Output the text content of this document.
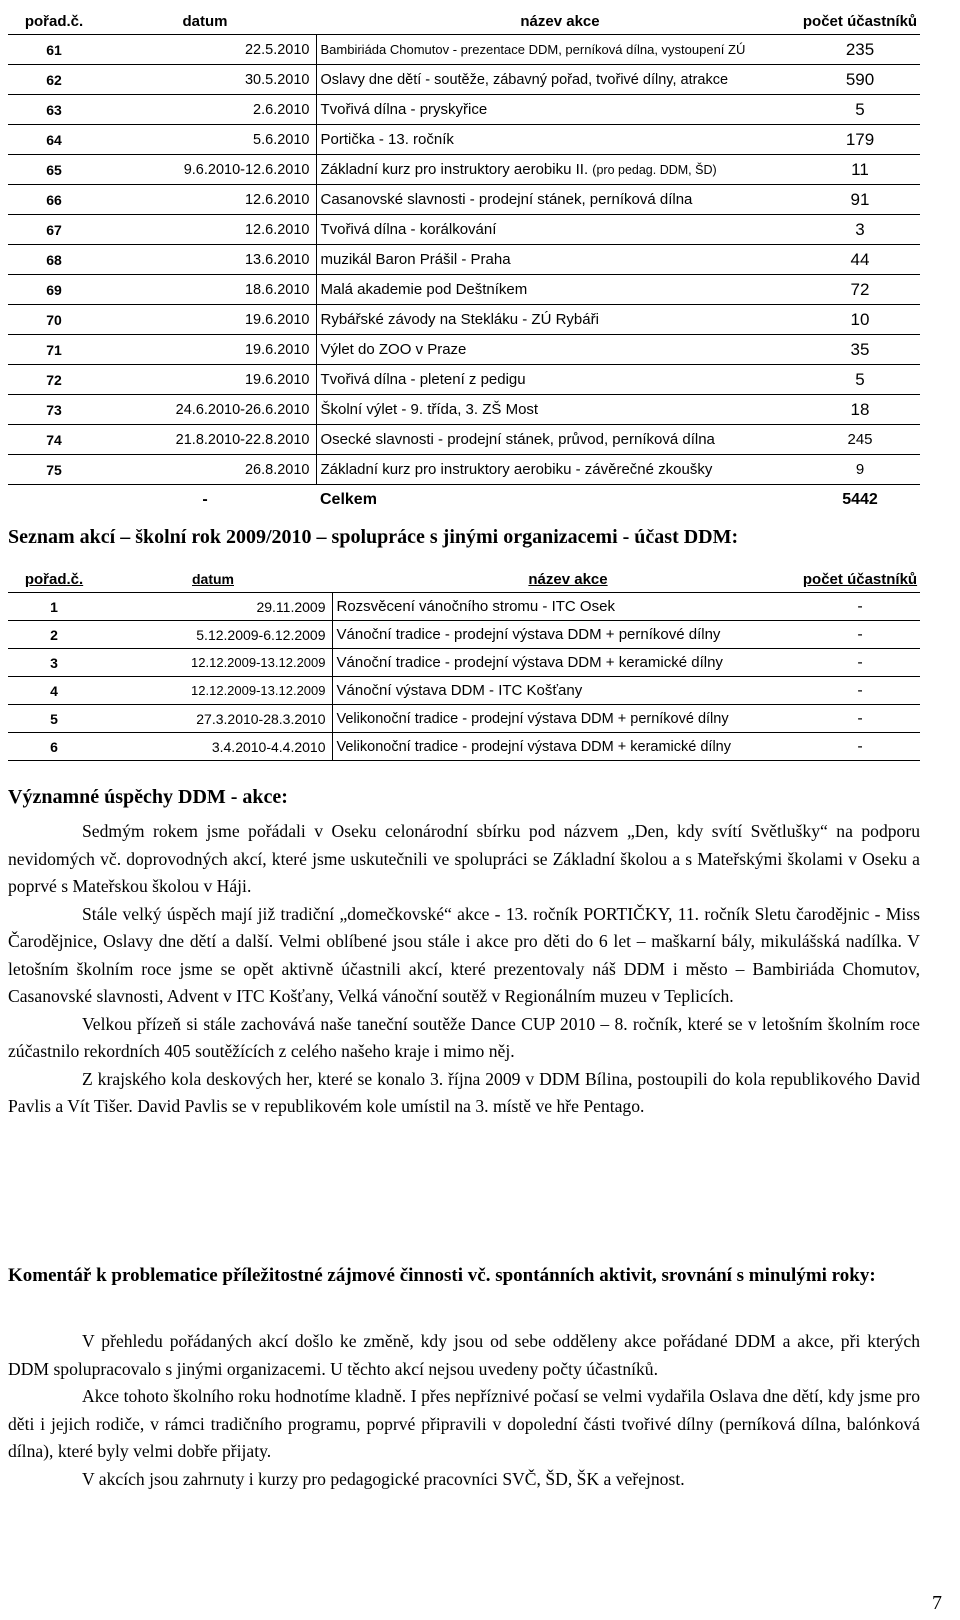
pořad.č.	datum	název akce	počet účastníků
61	22.5.2010	Bambiriáda Chomutov - prezentace DDM, perníková dílna, vystoupení ZÚ	235
62	30.5.2010	Oslavy dne dětí - soutěže, zábavný pořad, tvořivé dílny, atrakce	590
63	2.6.2010	Tvořivá dílna - pryskyřice	5
64	5.6.2010	Portička - 13. ročník	179
65	9.6.2010-12.6.2010	Základní kurz pro instruktory aerobiku II. (pro pedag. DDM, ŠD)	11
66	12.6.2010	Casanovské slavnosti - prodejní stánek, perníková dílna	91
67	12.6.2010	Tvořivá dílna - korálkování	3
68	13.6.2010	muzikál Baron Prášil - Praha	44
69	18.6.2010	Malá akademie pod Deštníkem	72
70	19.6.2010	Rybářské závody na Stekláku - ZÚ Rybáři	10
71	19.6.2010	Výlet do ZOO v Praze	35
72	19.6.2010	Tvořivá dílna - pletení z pedigu	5
73	24.6.2010-26.6.2010	Školní výlet - 9. třída, 3. ZŠ Most	18
74	21.8.2010-22.8.2010	Osecké slavnosti - prodejní stánek, průvod, perníková dílna	245
75	26.8.2010	Základní kurz pro instruktory aerobiku - závěrečné zkoušky	9
	-	Celkem	5442
Seznam akcí – školní rok 2009/2010 – spolupráce s jinými organizacemi - účast DDM:
pořad.č.	datum	název akce	počet účastníků
1	29.11.2009	Rozsvěcení vánočního stromu - ITC Osek	-
2	5.12.2009-6.12.2009	Vánoční tradice - prodejní výstava DDM + perníkové dílny	-
3	12.12.2009-13.12.2009	Vánoční tradice - prodejní výstava DDM + keramické dílny	-
4	12.12.2009-13.12.2009	Vánoční výstava DDM - ITC Košťany	-
5	27.3.2010-28.3.2010	Velikonoční tradice - prodejní výstava DDM + perníkové dílny	-
6	3.4.2010-4.4.2010	Velikonoční tradice - prodejní výstava DDM + keramické dílny	-
Významné úspěchy DDM - akce:

Sedmým rokem jsme pořádali v Oseku celonárodní sbírku pod názvem „Den, kdy svítí Světlušky“ na podporu nevidomých vč. doprovodných akcí, které jsme uskutečnili ve spolupráci se Základní školou a s Mateřskými školami v Oseku a poprvé s Mateřskou školou v Háji.

Stále velký úspěch mají již tradiční „domečkovské“ akce - 13. ročník PORTIČKY, 11. ročník Sletu čarodějnic - Miss Čarodějnice, Oslavy dne dětí a další. Velmi oblíbené jsou stále i akce pro děti do 6 let – maškarní bály, mikulášská nadílka. V letošním školním roce jsme se opět aktivně účastnili akcí, které prezentovaly náš DDM i město – Bambiriáda Chomutov, Casanovské slavnosti, Advent v ITC Košťany, Velká vánoční soutěž v Regionálním muzeu v Teplicích.

Velkou přízeň si stále zachovává naše taneční soutěže Dance CUP 2010 – 8. ročník, které se v letošním školním roce zúčastnilo rekordních 405 soutěžících z celého našeho kraje i mimo něj.

Z krajského kola deskových her, které se konalo 3. října 2009 v DDM Bílina, postoupili do kola republikového David Pavlis a Vít Tišer. David Pavlis se v republikovém kole umístil na 3. místě ve hře Pentago.

Komentář k problematice příležitostné zájmové činnosti vč. spontánních aktivit, srovnání s minulými roky:

V přehledu pořádaných akcí došlo ke změně, kdy jsou od sebe odděleny akce pořádané DDM a akce, při kterých DDM spolupracovalo s jinými organizacemi. U těchto akcí nejsou uvedeny počty účastníků.

Akce tohoto školního roku hodnotíme kladně. I přes nepříznivé počasí se velmi vydařila Oslava dne dětí, kdy jsme pro děti i jejich rodiče, v rámci tradičního programu, poprvé připravili v dopolední části tvořivé dílny (perníková dílna, balónková dílna), které byly velmi dobře přijaty.

V akcích jsou zahrnuty i kurzy pro pedagogické pracovníci SVČ, ŠD, ŠK a veřejnost.

7
